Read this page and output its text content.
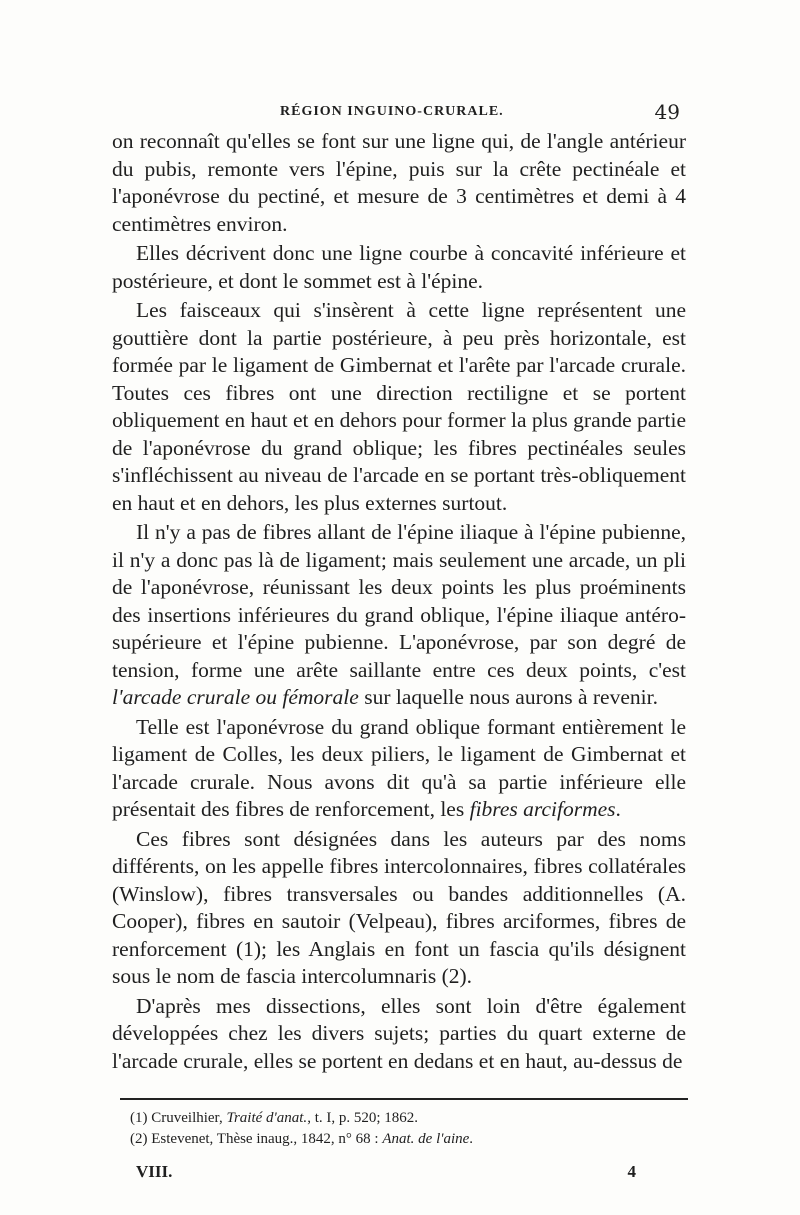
RÉGION INGUINO-CRURALE.	49

on reconnaît qu'elles se font sur une ligne qui, de l'angle antérieur du pubis, remonte vers l'épine, puis sur la crête pectinéale et l'aponévrose du pectiné, et mesure de 3 centimètres et demi à 4 centimètres environ.

Elles décrivent donc une ligne courbe à concavité inférieure et postérieure, et dont le sommet est à l'épine.

Les faisceaux qui s'insèrent à cette ligne représentent une gouttière dont la partie postérieure, à peu près horizontale, est formée par le ligament de Gimbernat et l'arête par l'arcade crurale. Toutes ces fibres ont une direction rectiligne et se portent obliquement en haut et en dehors pour former la plus grande partie de l'aponévrose du grand oblique; les fibres pectinéales seules s'infléchissent au niveau de l'arcade en se portant très-obliquement en haut et en dehors, les plus externes surtout.

Il n'y a pas de fibres allant de l'épine iliaque à l'épine pubienne, il n'y a donc pas là de ligament; mais seulement une arcade, un pli de l'aponévrose, réunissant les deux points les plus proéminents des insertions inférieures du grand oblique, l'épine iliaque antéro-supérieure et l'épine pubienne. L'aponévrose, par son degré de tension, forme une arête saillante entre ces deux points, c'est l'arcade crurale ou fémorale sur laquelle nous aurons à revenir.

Telle est l'aponévrose du grand oblique formant entièrement le ligament de Colles, les deux piliers, le ligament de Gimbernat et l'arcade crurale. Nous avons dit qu'à sa partie inférieure elle présentait des fibres de renforcement, les fibres arciformes.

Ces fibres sont désignées dans les auteurs par des noms différents, on les appelle fibres intercolonnaires, fibres collatérales (Winslow), fibres transversales ou bandes additionnelles (A. Cooper), fibres en sautoir (Velpeau), fibres arciformes, fibres de renforcement (1); les Anglais en font un fascia qu'ils désignent sous le nom de fascia intercolumnaris (2).

D'après mes dissections, elles sont loin d'être également développées chez les divers sujets; parties du quart externe de l'arcade crurale, elles se portent en dedans et en haut, au-dessus de

(1) Cruveilhier, Traité d'anat., t. I, p. 520; 1862.

(2) Estevenet, Thèse inaug., 1842, n° 68 : Anat. de l'aine.

VIII.	4
